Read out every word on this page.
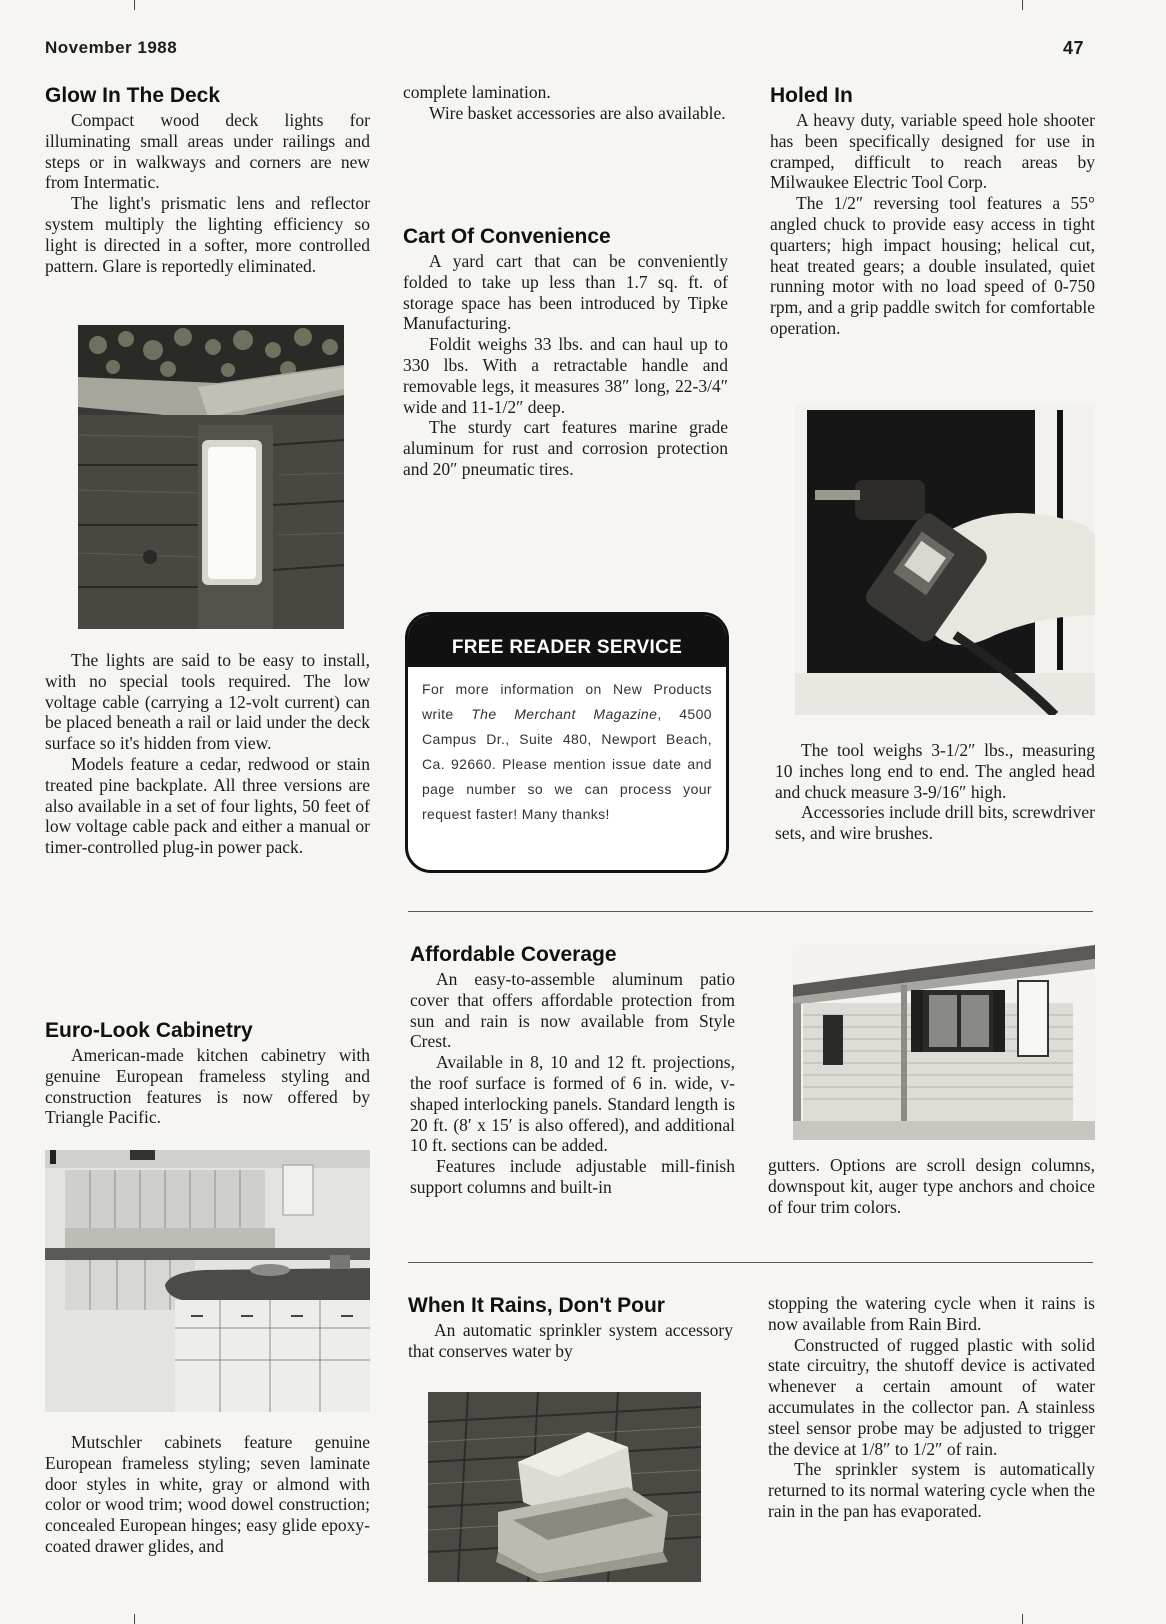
November 1988	47
Glow In The Deck

Compact wood deck lights for illuminating small areas under railings and steps or in walkways and corners are new from Intermatic.

The light's prismatic lens and reflector system multiply the lighting efficiency so light is directed in a softer, more controlled pattern. Glare is reportedly eliminated.

The lights are said to be easy to install, with no special tools required. The low voltage cable (carrying a 12-volt current) can be placed beneath a rail or laid under the deck surface so it's hidden from view.

Models feature a cedar, redwood or stain treated pine backplate. All three versions are also available in a set of four lights, 50 feet of low voltage cable pack and either a manual or timer-controlled plug-in power pack.

Euro-Look Cabinetry

American-made kitchen cabinetry with genuine European frameless styling and construction features is now offered by Triangle Pacific.

Mutschler cabinets feature genuine European frameless styling; seven laminate door styles in white, gray or almond with color or wood trim; wood dowel construction; concealed European hinges; easy glide epoxy-coated drawer glides, and

complete lamination.

Wire basket accessories are also available.

Cart Of Convenience

A yard cart that can be conveniently folded to take up less than 1.7 sq. ft. of storage space has been introduced by Tipke Manufacturing.

Foldit weighs 33 lbs. and can haul up to 330 lbs. With a retractable handle and removable legs, it measures 38″ long, 22-3/4″ wide and 11-1/2″ deep.

The sturdy cart features marine grade aluminum for rust and corrosion protection and 20″ pneumatic tires.

FREE READER SERVICE
For more information on New Products write The Merchant Magazine, 4500 Campus Dr., Suite 480, Newport Beach, Ca. 92660. Please mention issue date and page number so we can process your request faster! Many thanks!
Affordable Coverage

An easy-to-assemble aluminum patio cover that offers affordable protection from sun and rain is now available from Style Crest.

Available in 8, 10 and 12 ft. projections, the roof surface is formed of 6 in. wide, v-shaped interlocking panels. Standard length is 20 ft. (8′ x 15′ is also offered), and additional 10 ft. sections can be added.

Features include adjustable mill-finish support columns and built-in

When It Rains, Don't Pour

An automatic sprinkler system accessory that conserves water by

Holed In

A heavy duty, variable speed hole shooter has been specifically designed for use in cramped, difficult to reach areas by Milwaukee Electric Tool Corp.

The 1/2″ reversing tool features a 55° angled chuck to provide easy access in tight quarters; high impact housing; helical cut, heat treated gears; a double insulated, quiet running motor with no load speed of 0-750 rpm, and a grip paddle switch for comfortable operation.

The tool weighs 3-1/2″ lbs., measuring 10 inches long end to end. The angled head and chuck measure 3-9/16″ high.

Accessories include drill bits, screwdriver sets, and wire brushes.

gutters. Options are scroll design columns, downspout kit, auger type anchors and choice of four trim colors.

stopping the watering cycle when it rains is now available from Rain Bird.

Constructed of rugged plastic with solid state circuitry, the shutoff device is activated whenever a certain amount of water accumulates in the collector pan. A stainless steel sensor probe may be adjusted to trigger the device at 1/8″ to 1/2″ of rain.

The sprinkler system is automatically returned to its normal watering cycle when the rain in the pan has evaporated.
